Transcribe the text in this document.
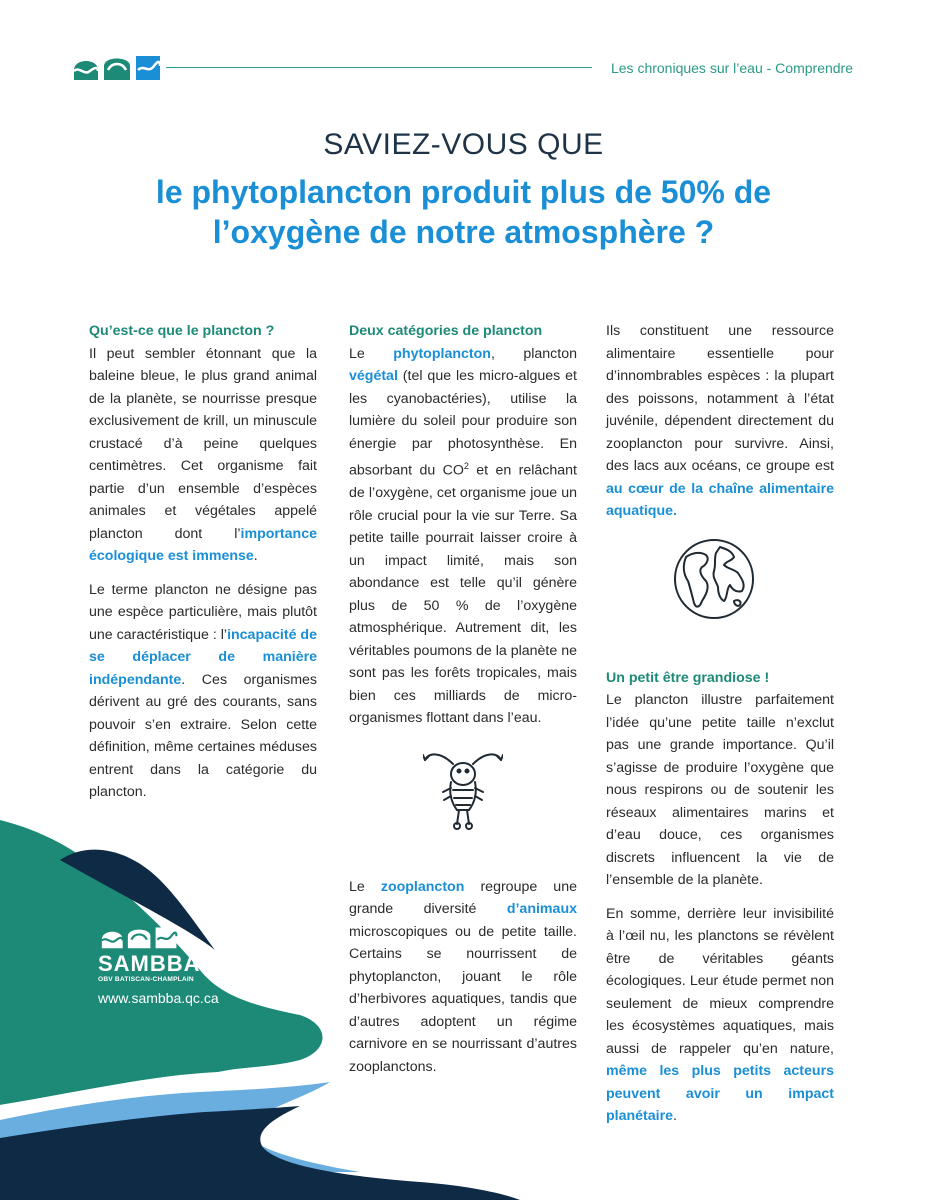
Les chroniques sur l’eau - Comprendre
SAVIEZ-VOUS QUE
le phytoplancton produit plus de 50% de l’oxygène de notre atmosphère ?
SAMBBA
OBV BATISCAN-CHAMPLAIN
www.sambba.qc.ca
Qu’est-ce que le plancton ?

Il peut sembler étonnant que la baleine bleue, le plus grand animal de la planète, se nourrisse presque exclusivement de krill, un minuscule crustacé d’à peine quelques centimètres. Cet organisme fait partie d’un ensemble d’espèces animales et végétales appelé plancton dont l’importance écologique est immense.

Le terme plancton ne désigne pas une espèce particulière, mais plutôt une caractéristique : l’incapacité de se déplacer de manière indépendante. Ces organismes dérivent au gré des courants, sans pouvoir s’en extraire. Selon cette définition, même certaines méduses entrent dans la catégorie du plancton.

Deux catégories de plancton

Le phytoplancton, plancton végétal (tel que les micro-algues et les cyanobactéries), utilise la lumière du soleil pour produire son énergie par photosynthèse. En absorbant du $CO^2$ et en relâchant de l’oxygène, cet organisme joue un rôle crucial pour la vie sur Terre. Sa petite taille pourrait laisser croire à un impact limité, mais son abondance est telle qu’il génère plus de 50 % de l’oxygène atmosphérique. Autrement dit, les véritables poumons de la planète ne sont pas les forêts tropicales, mais bien ces milliards de micro-organismes flottant dans l’eau.

Le zooplancton regroupe une grande diversité d’animaux microscopiques ou de petite taille. Certains se nourrissent de phytoplancton, jouant le rôle d’herbivores aquatiques, tandis que d’autres adoptent un régime carnivore en se nourrissant d’autres zooplanctons.

Ils constituent une ressource alimentaire essentielle pour d’innombrables espèces : la plupart des poissons, notamment à l’état juvénile, dépendent directement du zooplancton pour survivre. Ainsi, des lacs aux océans, ce groupe est au cœur de la chaîne alimentaire aquatique.

Un petit être grandiose !

Le plancton illustre parfaitement l’idée qu’une petite taille n’exclut pas une grande importance. Qu’il s’agisse de produire l’oxygène que nous respirons ou de soutenir les réseaux alimentaires marins et d’eau douce, ces organismes discrets influencent la vie de l’ensemble de la planète.

En somme, derrière leur invisibilité à l’œil nu, les planctons se révèlent être de véritables géants écologiques. Leur étude permet non seulement de mieux comprendre les écosystèmes aquatiques, mais aussi de rappeler qu’en nature, même les plus petits acteurs peuvent avoir un impact planétaire.
